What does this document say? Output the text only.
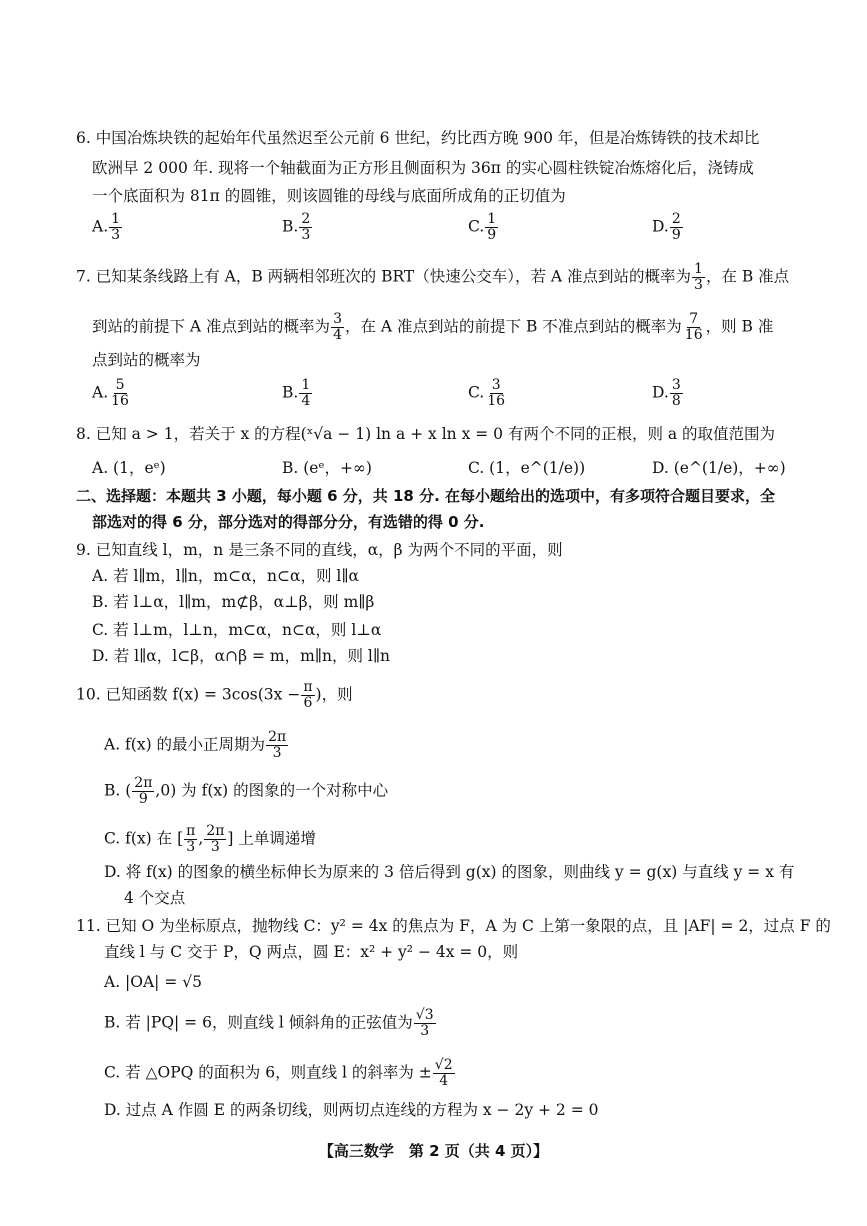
6. 中国冶炼块铁的起始年代虽然迟至公元前 6 世纪，约比西方晚 900 年，但是冶炼铸铁的技术却比
欧洲早 2 000 年. 现将一个轴截面为正方形且侧面积为 36π 的实心圆柱铁锭冶炼熔化后，浇铸成
一个底面积为 81π 的圆锥，则该圆锥的母线与底面所成角的正切值为
A. $\frac{1}{3}$	B. $\frac{2}{3}$	C. $\frac{1}{9}$	D. $\frac{2}{9}$
7. 已知某条线路上有 A，B 两辆相邻班次的 BRT（快速公交车），若 A 准点到站的概率为 $\frac{1}{3}$ ，在 B 准点
到站的前提下 A 准点到站的概率为 $\frac{3}{4}$ ，在 A 准点到站的前提下 B 不准点到站的概率为 $\frac{7}{16}$ ，则 B 准
点到站的概率为
A. $\frac{5}{16}$	B. $\frac{1}{4}$	C. $\frac{3}{16}$	D. $\frac{3}{8}$
8. 已知 a > 1，若关于 x 的方程(ˣ√a − 1) ln a + x ln x = 0 有两个不同的正根，则 a 的取值范围为
A. (1，eᵉ)	B. (eᵉ，+∞)	C. (1，e^(1/e))	D. (e^(1/e)，+∞)
二、选择题：本题共 3 小题，每小题 6 分，共 18 分. 在每小题给出的选项中，有多项符合题目要求，全
部选对的得 6 分，部分选对的得部分分，有选错的得 0 分.
9. 已知直线 l，m，n 是三条不同的直线，α，β 为两个不同的平面，则
A. 若 l∥m，l∥n，m⊂α，n⊂α，则 l∥α
B. 若 l⊥α，l∥m，m⊄β，α⊥β，则 m∥β
C. 若 l⊥m，l⊥n，m⊂α，n⊂α，则 l⊥α
D. 若 l∥α，l⊂β，α∩β = m，m∥n，则 l∥n
10. 已知函数 $f(x) = 3\cos(3x - \frac{\pi}{6}$ )，则
A. f(x) 的最小正周期为 $\frac{2\pi}{3}$
B. ( $\frac{2\pi}{9} ,0$) 为 f(x) 的图象的一个对称中心
C. f(x) 在 [ $\frac{\pi}{3}$ , $\frac{2\pi}{3}$ ] 上单调递增
D. 将 f(x) 的图象的横坐标伸长为原来的 3 倍后得到 g(x) 的图象，则曲线 y = g(x) 与直线 y = x 有
4 个交点
11. 已知 O 为坐标原点，抛物线 C：y² = 4x 的焦点为 F，A 为 C 上第一象限的点，且 |AF| = 2，过点 F 的
直线 l 与 C 交于 P，Q 两点，圆 E：x² + y² − 4x = 0，则
A. |OA| = √5
B. 若 |PQ| = 6，则直线 l 倾斜角的正弦值为 $\frac{√3}{3}$
C. 若 △OPQ 的面积为 6，则直线 l 的斜率为 ± $\frac{√2}{4}$
D. 过点 A 作圆 E 的两条切线，则两切点连线的方程为 x − 2y + 2 = 0
【高三数学　第 2 页（共 4 页）】
